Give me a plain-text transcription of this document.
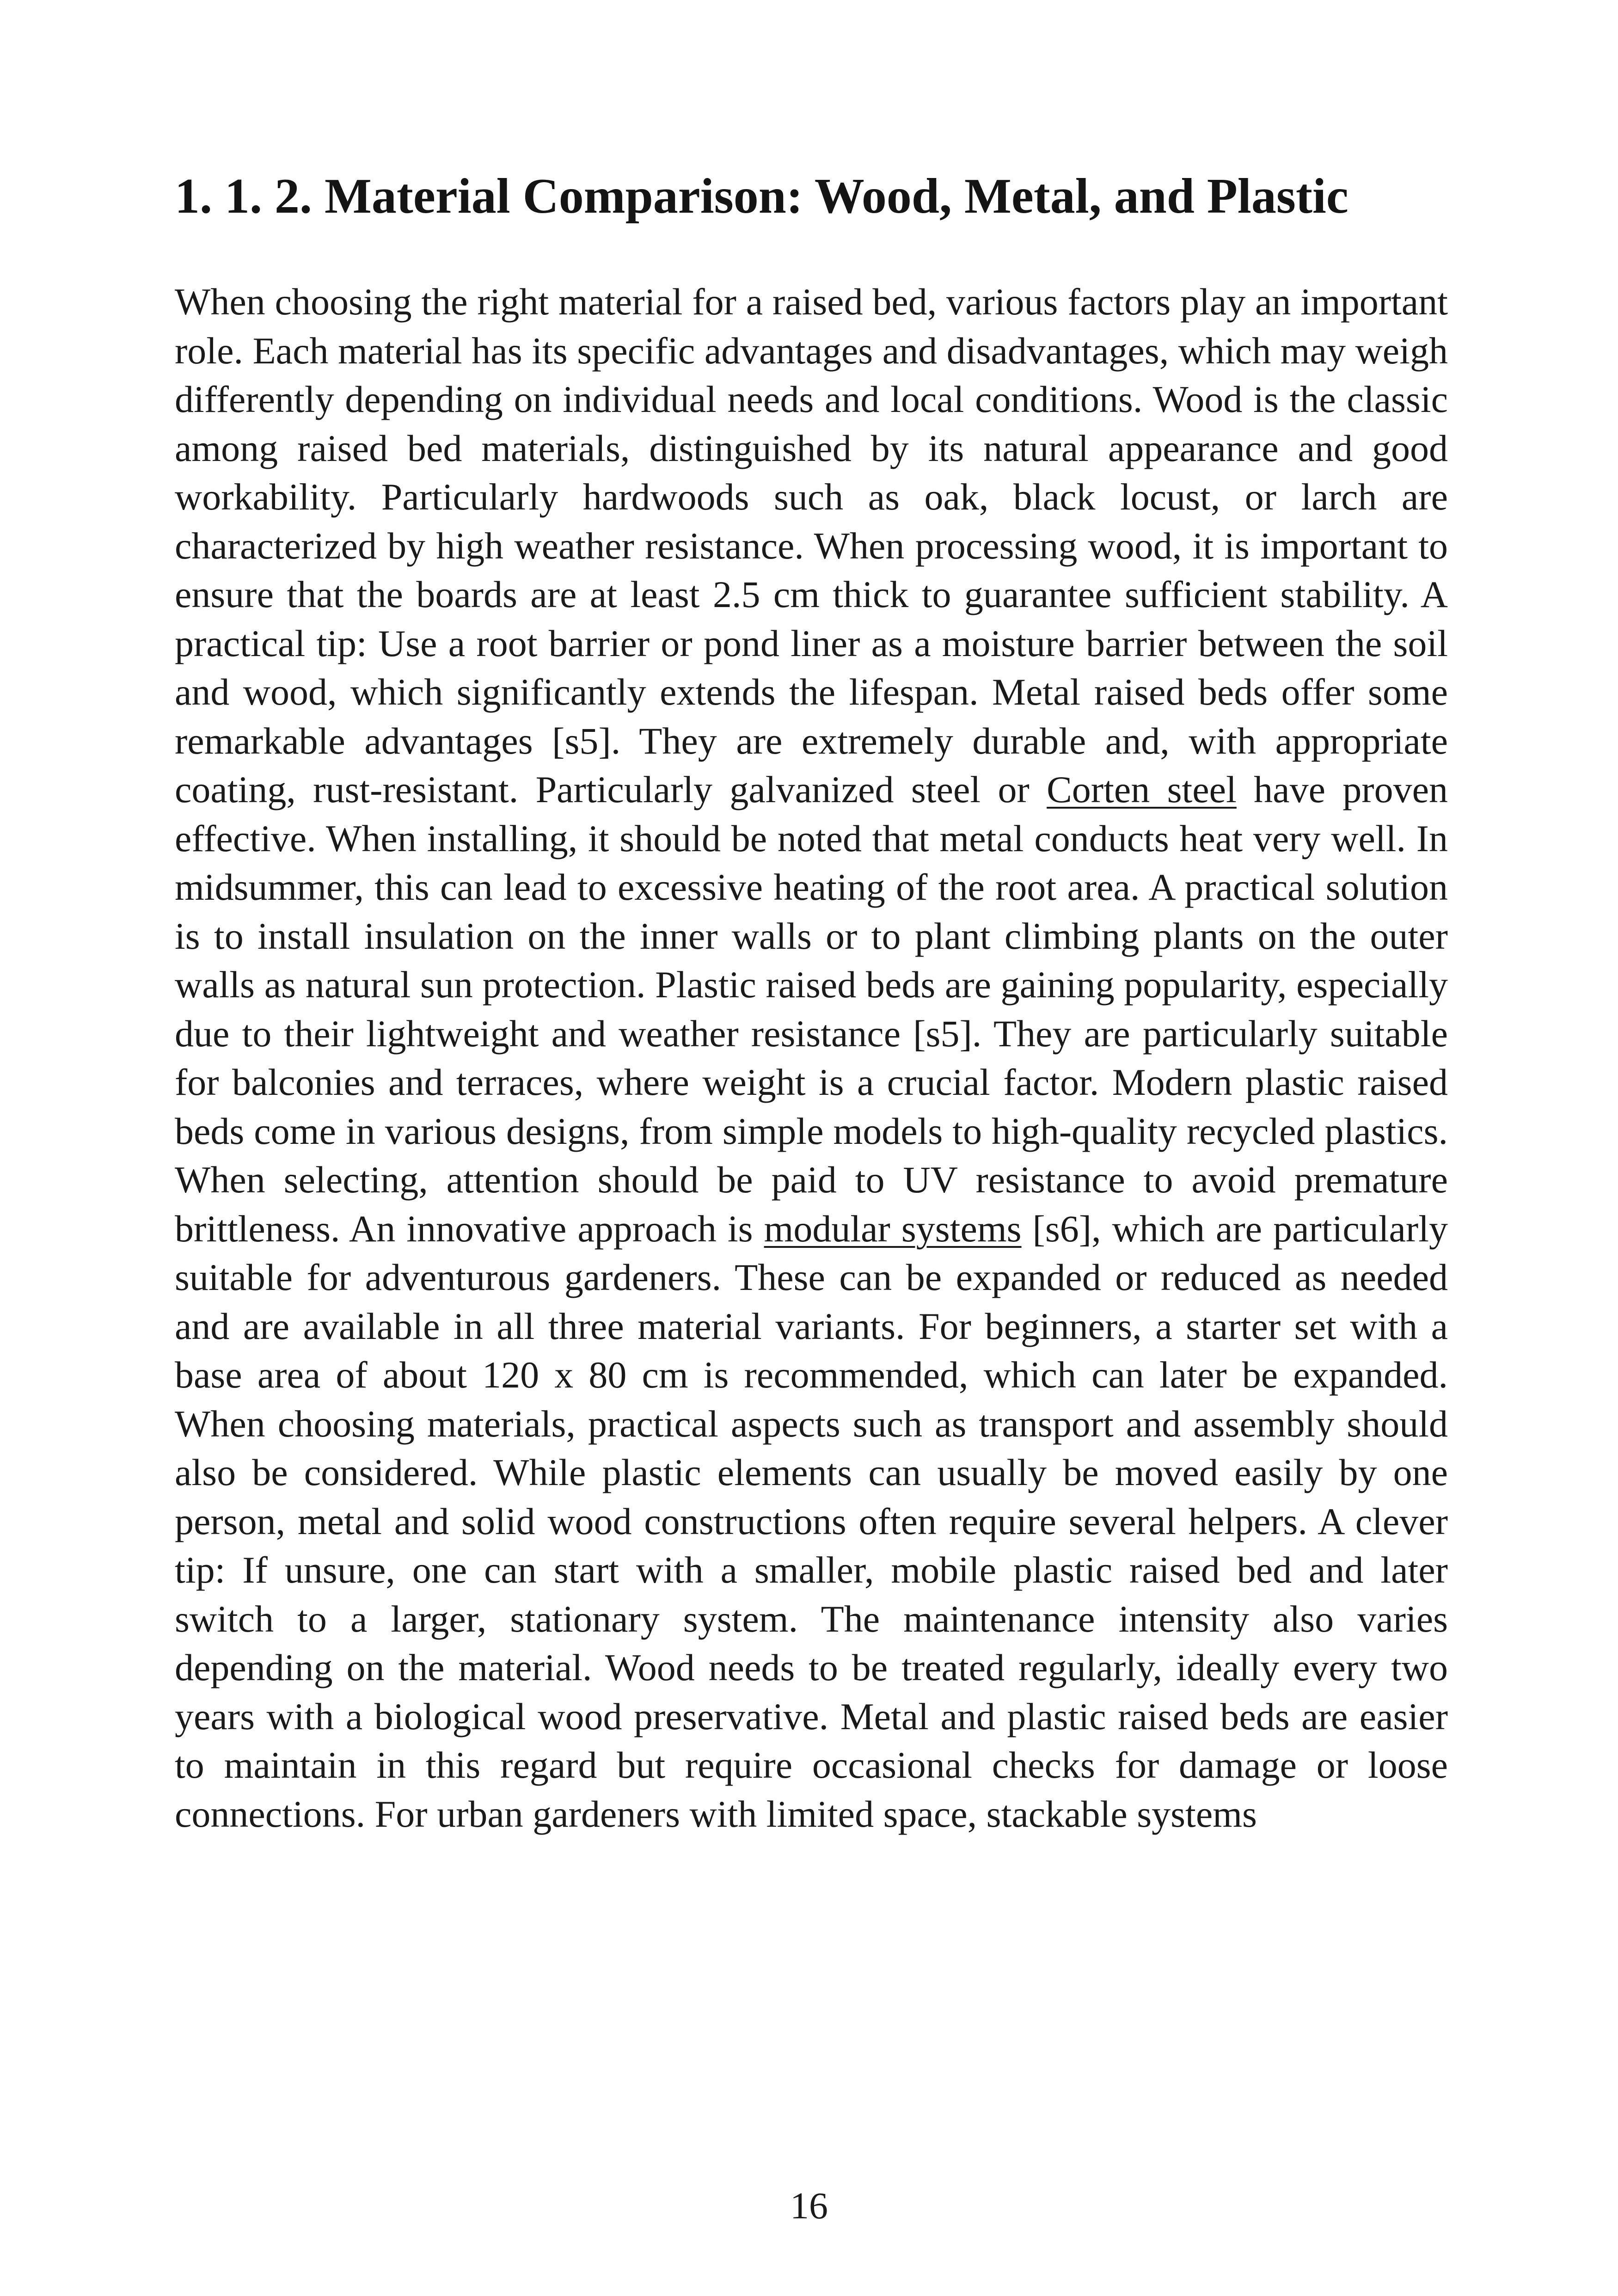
1. 1. 2. Material Comparison: Wood, Metal, and Plastic

When choosing the right material for a raised bed, various factors play an important role. Each material has its specific advantages and disadvantages, which may weigh differently depending on individual needs and local conditions. Wood is the classic among raised bed materials, distinguished by its natural appearance and good workability. Particularly hardwoods such as oak, black locust, or larch are characterized by high weather resistance. When processing wood, it is important to ensure that the boards are at least 2.5 cm thick to guarantee sufficient stability. A practical tip: Use a root barrier or pond liner as a moisture barrier between the soil and wood, which significantly extends the lifespan. Metal raised beds offer some remarkable advantages [s5]. They are extremely durable and, with appropriate coating, rust-resistant. Particularly galvanized steel or Corten steel have proven effective. When installing, it should be noted that metal conducts heat very well. In midsummer, this can lead to excessive heating of the root area. A practical solution is to install insulation on the inner walls or to plant climbing plants on the outer walls as natural sun protection. Plastic raised beds are gaining popularity, especially due to their lightweight and weather resistance [s5]. They are particularly suitable for balconies and terraces, where weight is a crucial factor. Modern plastic raised beds come in various designs, from simple models to high-quality recycled plastics. When selecting, attention should be paid to UV resistance to avoid premature brittleness. An innovative approach is modular systems [s6], which are particularly suitable for adventurous gardeners. These can be expanded or reduced as needed and are available in all three material variants. For beginners, a starter set with a base area of about 120 x 80 cm is recommended, which can later be expanded. When choosing materials, practical aspects such as transport and assembly should also be considered. While plastic elements can usually be moved easily by one person, metal and solid wood constructions often require several helpers. A clever tip: If unsure, one can start with a smaller, mobile plastic raised bed and later switch to a larger, stationary system. The maintenance intensity also varies depending on the material. Wood needs to be treated regularly, ideally every two years with a biological wood preservative. Metal and plastic raised beds are easier to maintain in this regard but require occasional checks for damage or loose connections. For urban gardeners with limited space, stackable systems

16
